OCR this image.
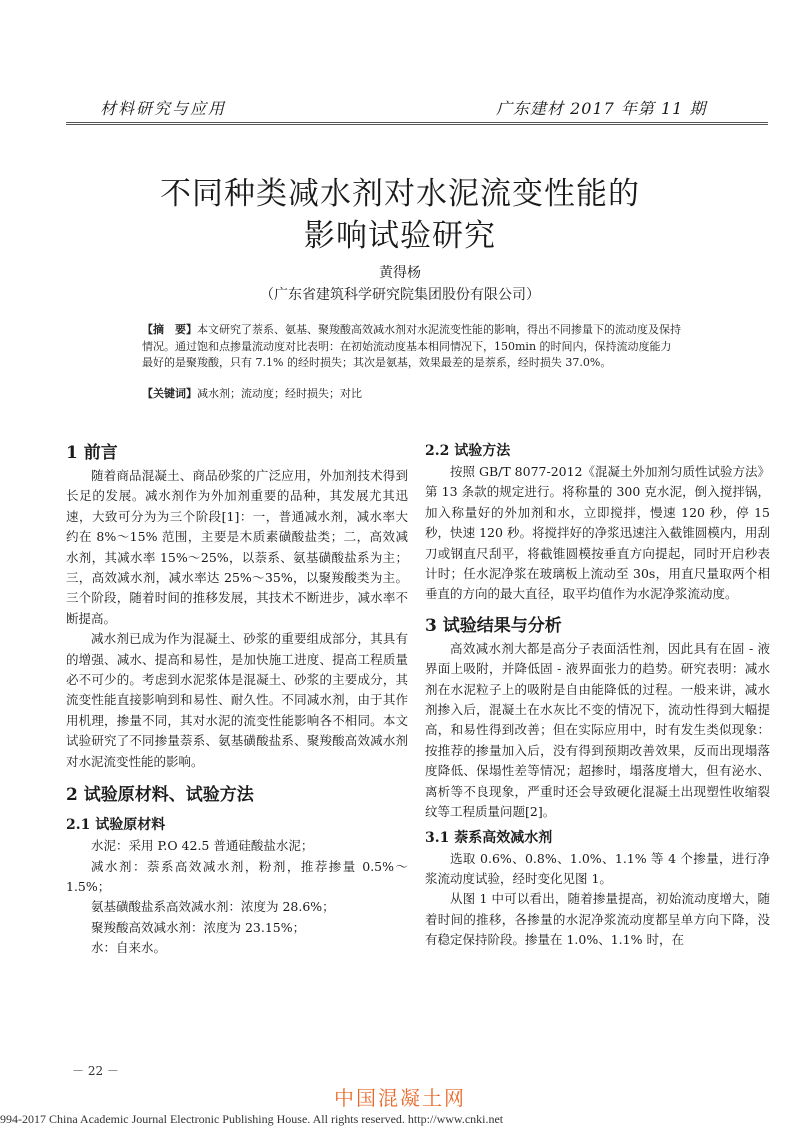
材料研究与应用	广东建材 2017 年第 11 期
不同种类减水剂对水泥流变性能的
影响试验研究
黄得杨
（广东省建筑科学研究院集团股份有限公司）
【摘　要】本文研究了萘系、氨基、聚羧酸高效减水剂对水泥流变性能的影响，得出不同掺量下的流动度及保持情况。通过饱和点掺量流动度对比表明：在初始流动度基本相同情况下，150min 的时间内，保持流动度能力最好的是聚羧酸，只有 7.1% 的经时损失；其次是氨基，效果最差的是萘系，经时损失 37.0%。
【关键词】减水剂；流动度；经时损失；对比
1 前言

随着商品混凝土、商品砂浆的广泛应用，外加剂技术得到长足的发展。减水剂作为外加剂重要的品种，其发展尤其迅速，大致可分为为三个阶段[1]：一，普通减水剂，减水率大约在 8%～15% 范围，主要是木质素磺酸盐类；二，高效减水剂，其减水率 15%～25%，以萘系、氨基磺酸盐系为主；三，高效减水剂，减水率达 25%～35%，以聚羧酸类为主。三个阶段，随着时间的推移发展，其技术不断进步，减水率不断提高。

减水剂已成为作为混凝土、砂浆的重要组成部分，其具有的增强、减水、提高和易性，是加快施工进度、提高工程质量必不可少的。考虑到水泥浆体是混凝土、砂浆的主要成分，其流变性能直接影响到和易性、耐久性。不同减水剂，由于其作用机理，掺量不同，其对水泥的流变性能影响各不相同。本文试验研究了不同掺量萘系、氨基磺酸盐系、聚羧酸高效减水剂对水泥流变性能的影响。

2 试验原材料、试验方法
2.1 试验原材料

水泥：采用 P.O 42.5 普通硅酸盐水泥；

减水剂：萘系高效减水剂，粉剂，推荐掺量 0.5%～1.5%；

氨基磺酸盐系高效减水剂：浓度为 28.6%；

聚羧酸高效减水剂：浓度为 23.15%；

水：自来水。

2.2 试验方法

按照 GB/T 8077-2012《混凝土外加剂匀质性试验方法》第 13 条款的规定进行。将称量的 300 克水泥，倒入搅拌锅，加入称量好的外加剂和水，立即搅拌，慢速 120 秒，停 15 秒，快速 120 秒。将搅拌好的净浆迅速注入截锥圆模内，用刮刀或钢直尺刮平，将截锥圆模按垂直方向提起，同时开启秒表计时；任水泥净浆在玻璃板上流动至 30s，用直尺量取两个相垂直的方向的最大直径，取平均值作为水泥净浆流动度。

3 试验结果与分析

高效减水剂大都是高分子表面活性剂，因此具有在固 - 液界面上吸附，并降低固 - 液界面张力的趋势。研究表明：减水剂在水泥粒子上的吸附是自由能降低的过程。一般来讲，减水剂掺入后，混凝土在水灰比不变的情况下，流动性得到大幅提高，和易性得到改善；但在实际应用中，时有发生类似现象：按推荐的掺量加入后，没有得到预期改善效果，反而出现塌落度降低、保塌性差等情况；超掺时，塌落度增大，但有泌水、离析等不良现象，严重时还会导致硬化混凝土出现塑性收缩裂纹等工程质量问题[2]。

3.1 萘系高效减水剂

选取 0.6%、0.8%、1.0%、1.1% 等 4 个掺量，进行净浆流动度试验，经时变化见图 1。

从图 1 中可以看出，随着掺量提高，初始流动度增大，随着时间的推移，各掺量的水泥净浆流动度都呈单方向下降，没有稳定保持阶段。掺量在 1.0%、1.1% 时，在

－ 22 －
中国混凝土网
994-2017 China Academic Journal Electronic Publishing House. All rights reserved. http://www.cnki.net
